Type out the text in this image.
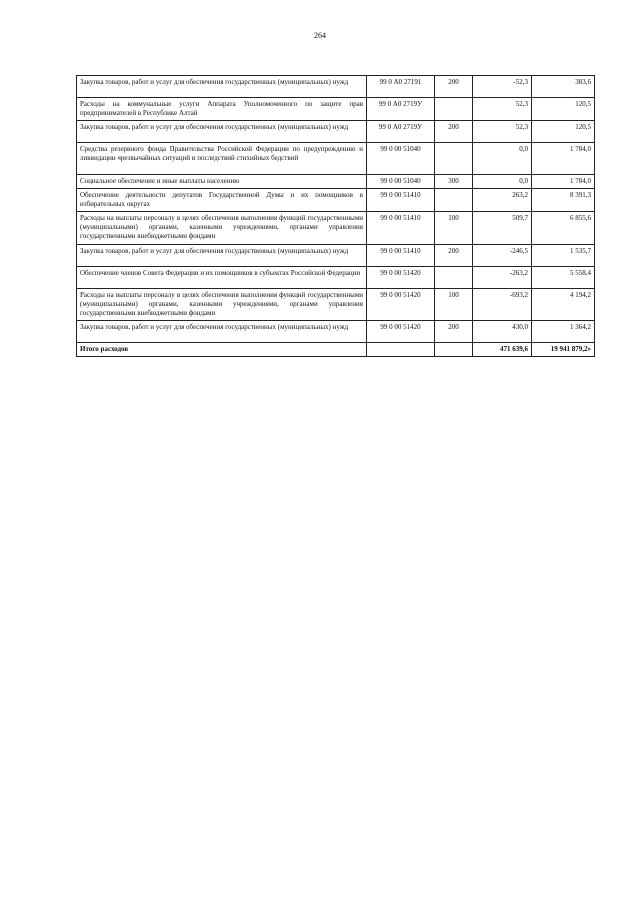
264
Закупка товаров, работ и услуг для обеспечения государственных (муниципальных) нужд	99 0 А0 27191	200	-52,3	383,6
Расходы на коммунальные услуги Аппарата Уполномоченного по защите прав предпринимателей в Республике Алтай	99 0 А0 2719У		52,3	120,5
Закупка товаров, работ и услуг для обеспечения государственных (муниципальных) нужд	99 0 А0 2719У	200	52,3	120,5
Средства резервного фонда Правительства Российской Федерации по предупреждению и ликвидации чрезвычайных ситуаций и последствий стихийных бедствий	99 0 00 51040		0,0	1 784,0
Социальное обеспечение и иные выплаты населению	99 0 00 51040	300	0,0	1 784,0
Обеспечение деятельности депутатов Государственной Думы и их помощников в избирательных округах	99 0 00 51410		263,2	8 391,3
Расходы на выплаты персоналу в целях обеспечения выполнения функций государственными (муниципальными) органами, казенными учреждениями, органами управления государственными внебюджетными фондами	99 0 00 51410	100	509,7	6 855,6
Закупка товаров, работ и услуг для обеспечения государственных (муниципальных) нужд	99 0 00 51410	200	-246,5	1 535,7
Обеспечение членов Совета Федерации и их помощников в субъектах Российской Федерации	99 0 00 51420		-263,2	5 558,4
Расходы на выплаты персоналу в целях обеспечения выполнения функций государственными (муниципальными) органами, казенными учреждениями, органами управления государственными внебюджетными фондами	99 0 00 51420	100	-693,2	4 194,2
Закупка товаров, работ и услуг для обеспечения государственных (муниципальных) нужд	99 0 00 51420	200	430,0	1 364,2
Итого расходов			471 639,6	19 941 879,2»
